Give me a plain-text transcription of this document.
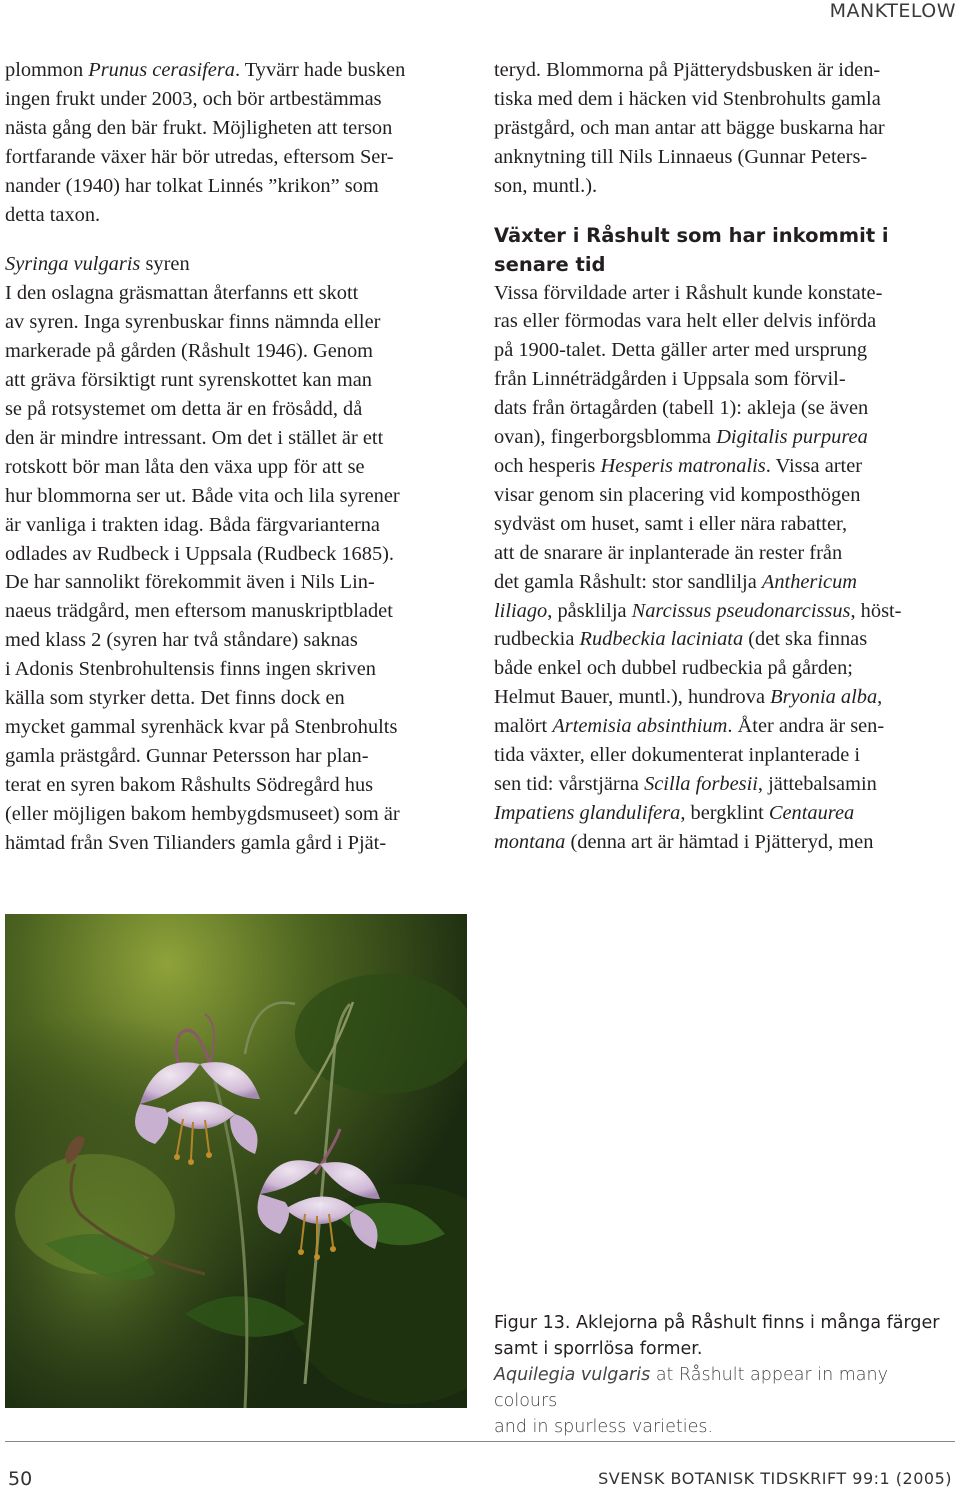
MANKTELOW

plommon Prunus cerasifera. Tyvärr hade busken
ingen frukt under 2003, och bör artbestämmas
nästa gång den bär frukt. Möjligheten att terson
fortfarande växer här bör utredas, eftersom Ser-
nander (1940) har tolkat Linnés ”krikon” som
detta taxon.

Syringa vulgaris syren

I den oslagna gräsmattan återfanns ett skott
av syren. Inga syrenbuskar finns nämnda eller
markerade på gården (Råshult 1946). Genom
att gräva försiktigt runt syrenskottet kan man
se på rotsystemet om detta är en frösådd, då
den är mindre intressant. Om det i stället är ett
rotskott bör man låta den växa upp för att se
hur blommorna ser ut. Både vita och lila syrener
är vanliga i trakten idag. Båda färgvarianterna
odlades av Rudbeck i Uppsala (Rudbeck 1685).
De har sannolikt förekommit även i Nils Lin-
naeus trädgård, men eftersom manuskriptbladet
med klass 2 (syren har två ståndare) saknas
i Adonis Stenbrohultensis finns ingen skriven
källa som styrker detta. Det finns dock en
mycket gammal syrenhäck kvar på Stenbrohults
gamla prästgård. Gunnar Petersson har plan-
terat en syren bakom Råshults Södregård hus
(eller möjligen bakom hembygdsmuseet) som är
hämtad från Sven Tilianders gamla gård i Pjät-

teryd. Blommorna på Pjätterydsbusken är iden-
tiska med dem i häcken vid Stenbrohults gamla
prästgård, och man antar att bägge buskarna har
anknytning till Nils Linnaeus (Gunnar Peters-
son, muntl.).

Växter i Råshult som har inkommit i
senare tid

Vissa förvildade arter i Råshult kunde konstate-
ras eller förmodas vara helt eller delvis införda
på 1900-talet. Detta gäller arter med ursprung
från Linnéträdgården i Uppsala som förvil-
dats från örtagården (tabell 1): akleja (se även
ovan), fingerborgsblomma Digitalis purpurea
och hesperis Hesperis matronalis. Vissa arter
visar genom sin placering vid komposthögen
sydväst om huset, samt i eller nära rabatter,
att de snarare är inplanterade än rester från
det gamla Råshult: stor sandlilja Anthericum
liliago, påsklilja Narcissus pseudonarcissus, höst-
rudbeckia Rudbeckia laciniata (det ska finnas
både enkel och dubbel rudbeckia på gården;
Helmut Bauer, muntl.), hundrova Bryonia alba,
malört Artemisia absinthium. Åter andra är sen-
tida växter, eller dokumenterat inplanterade i
sen tid: vårstjärna Scilla forbesii, jättebalsamin
Impatiens glandulifera, bergklint Centaurea
montana (denna art är hämtad i Pjätteryd, men

Figur 13. Aklejorna på Råshult finns i många färger
samt i sporrlösa former.
Aquilegia vulgaris at Råshult appear in many colours
and in spurless varieties.
50	SVENSK BOTANISK TIDSKRIFT 99:1 (2005)
